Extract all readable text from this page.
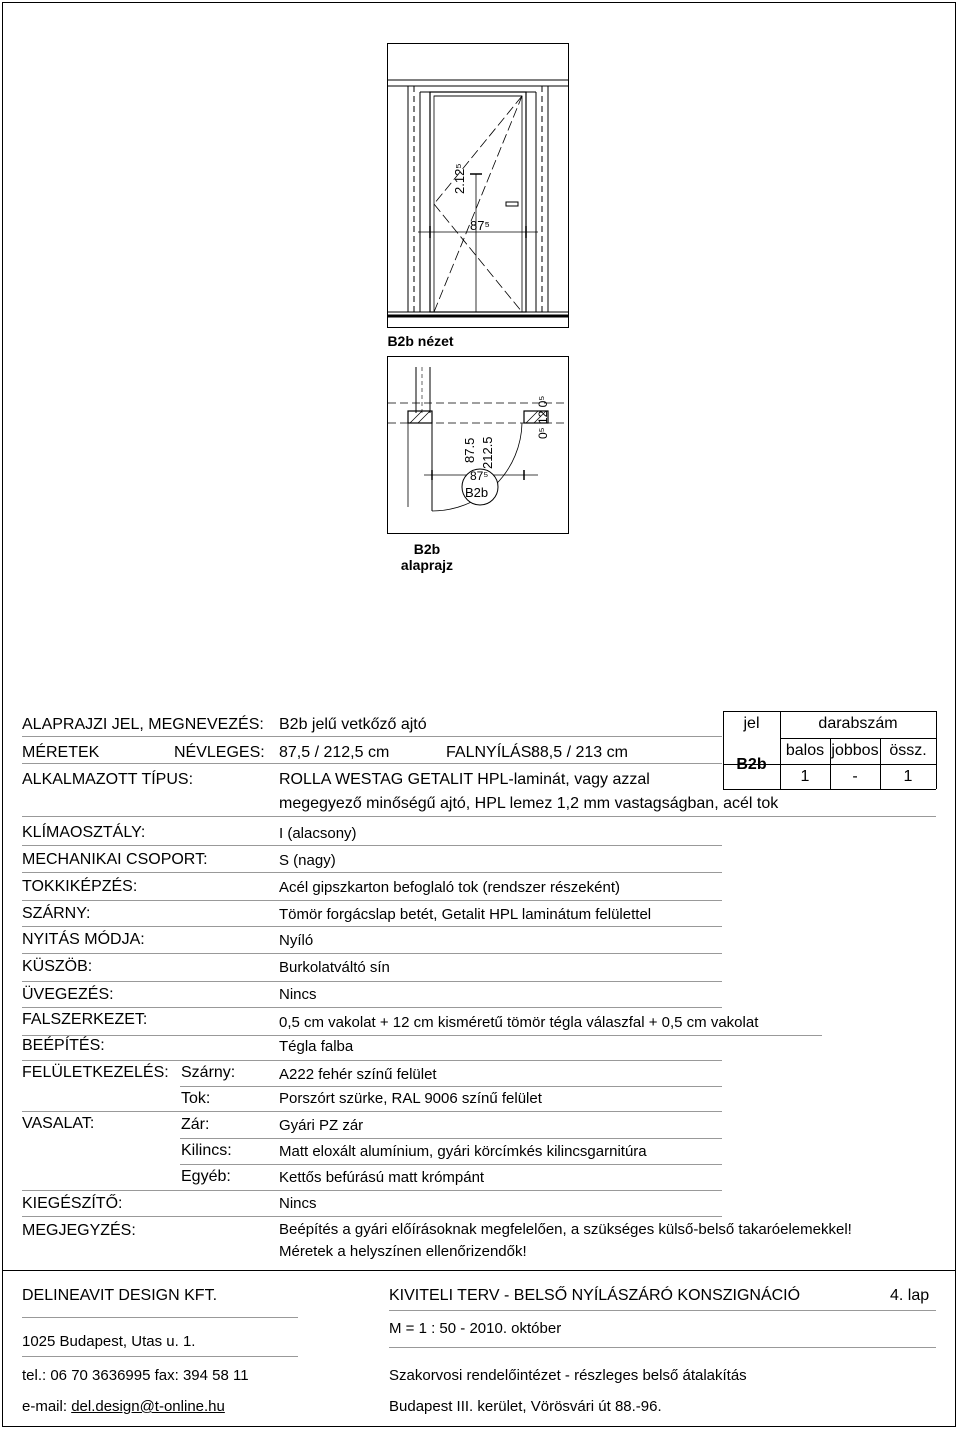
2.12⁵
87⁵
B2b nézet
87.5 212.5
87⁵
B2b
0⁵ 12 0⁵
B2b alaprajz
jel	darabszám
balos jobbos össz.
B2b
1	-	1
ALAPRAJZI JEL, MEGNEVEZÉS: B2b jelű vetkőző ajtó
MÉRETEK	NÉVLEGES: 87,5 / 212,5 cm	FALNYÍLÁS:
88,5 / 213 cm
ALKALMAZOTT TÍPUS:	ROLLA WESTAG GETALIT HPL-laminát, vagy azzal
megegyező minőségű ajtó, HPL lemez 1,2 mm vastagságban, acél tok
KLÍMAOSZTÁLY:	I (alacsony)
MECHANIKAI CSOPORT:	S (nagy)
TOKKIKÉPZÉS:	Acél gipszkarton befoglaló tok (rendszer részeként)
SZÁRNY:	Tömör forgácslap betét, Getalit HPL laminátum felülettel
NYITÁS MÓDJA:	Nyíló
KÜSZÖB:	Burkolatváltó sín
ÜVEGEZÉS:	Nincs
FALSZERKEZET:	0,5 cm vakolat + 12 cm kisméretű tömör tégla válaszfal + 0,5 cm vakolat
BEÉPÍTÉS:	Tégla falba
FELÜLETKEZELÉS: Szárny:	A222 fehér színű felület
Tok:	Porszórt szürke, RAL 9006 színű felület
VASALAT:	Zár:	Gyári PZ zár
Kilincs:	Matt eloxált alumínium, gyári körcímkés kilincsgarnitúra
Egyéb:	Kettős befúrású matt krómpánt
KIEGÉSZÍTŐ:	Nincs
MEGJEGYZÉS:	Beépítés a gyári előírásoknak megfelelően, a szükséges külső-belső takaróelemekkel!
Méretek a helyszínen ellenőrizendők!
DELINEAVIT DESIGN KFT.
1025 Budapest, Utas u. 1.
tel.: 06 70 3636995 fax: 394 58 11
e-mail: del.design@t-online.hu
KIVITELI TERV - BELSŐ NYÍLÁSZÁRÓ KONSZIGNÁCIÓ	4. lap
M = 1 : 50 - 2010. október
Szakorvosi rendelőintézet - részleges belső átalakítás
Budapest III. kerület, Vörösvári út 88.-96.
